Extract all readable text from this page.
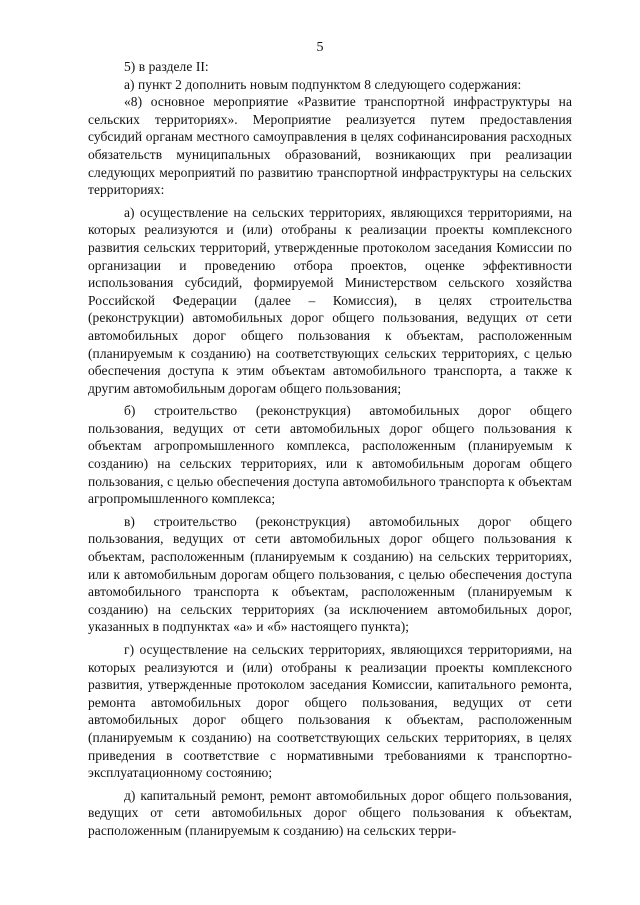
5

5) в разделе II:

а) пункт 2 дополнить новым подпунктом 8 следующего содержания:

«8) основное мероприятие «Развитие транспортной инфраструктуры на сельских территориях». Мероприятие реализуется путем предоставления субсидий органам местного самоуправления в целях софинансирования расходных обязательств муниципальных образований, возникающих при реализации следующих мероприятий по развитию транспортной инфраструктуры на сельских территориях:

а) осуществление на сельских территориях, являющихся территориями, на которых реализуются и (или) отобраны к реализации проекты комплексного развития сельских территорий, утвержденные протоколом заседания Комиссии по организации и проведению отбора проектов, оценке эффективности использования субсидий, формируемой Министерством сельского хозяйства Российской Федерации (далее – Комиссия), в целях строительства (реконструкции) автомобильных дорог общего пользования, ведущих от сети автомобильных дорог общего пользования к объектам, расположенным (планируемым к созданию) на соответствующих сельских территориях, с целью обеспечения доступа к этим объектам автомобильного транспорта, а также к другим автомобильным дорогам общего пользования;

б) строительство (реконструкция) автомобильных дорог общего пользования, ведущих от сети автомобильных дорог общего пользования к объектам агропромышленного комплекса, расположенным (планируемым к созданию) на сельских территориях, или к автомобильным дорогам общего пользования, с целью обеспечения доступа автомобильного транспорта к объектам агропромышленного комплекса;

в) строительство (реконструкция) автомобильных дорог общего пользования, ведущих от сети автомобильных дорог общего пользования к объектам, расположенным (планируемым к созданию) на сельских территориях, или к автомобильным дорогам общего пользования, с целью обеспечения доступа автомобильного транспорта к объектам, расположенным (планируемым к созданию) на сельских территориях (за исключением автомобильных дорог, указанных в подпунктах «а» и «б» настоящего пункта);

г) осуществление на сельских территориях, являющихся территориями, на которых реализуются и (или) отобраны к реализации проекты комплексного развития, утвержденные протоколом заседания Комиссии, капитального ремонта, ремонта автомобильных дорог общего пользования, ведущих от сети автомобильных дорог общего пользования к объектам, расположенным (планируемым к созданию) на соответствующих сельских территориях, в целях приведения в соответствие с нормативными требованиями к транспортно-эксплуатационному состоянию;

д) капитальный ремонт, ремонт автомобильных дорог общего пользования, ведущих от сети автомобильных дорог общего пользования к объектам, расположенным (планируемым к созданию) на сельских терри-
